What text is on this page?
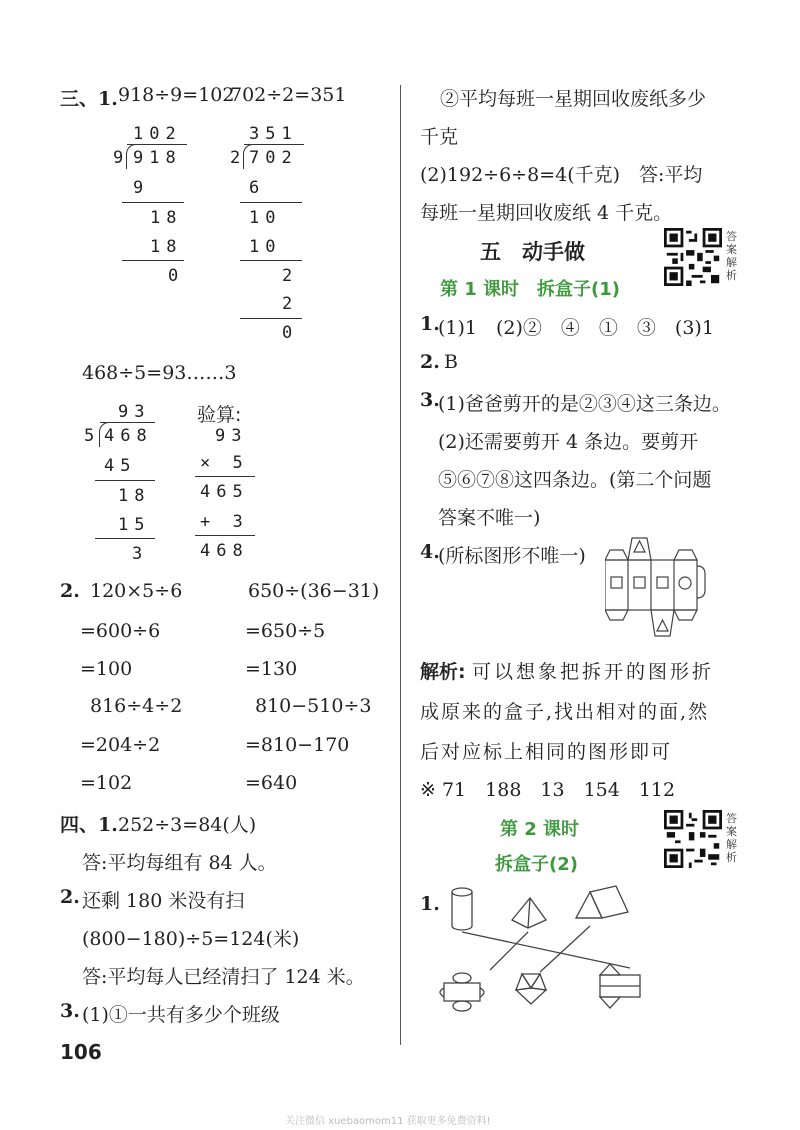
三、1. 918÷9=102
702÷2=351
102
9 918
9
18
18
0
351
2 702
6
10
10
2
2
0
468÷5=93……3
93
5 468
45
18
15
3
验算:
93
× 5
465
+ 3
468
2. 120×5÷6
=600÷6
=100
650÷(36−31)
=650÷5
=130
816÷4÷2
=204÷2
=102
810−510÷3
=810−170
=640
四、1. 252÷3=84(人)
答:平均每组有 84 人。
2. 还剩 180 米没有扫
(800−180)÷5=124(米)
答:平均每人已经清扫了 124 米。
3. (1)①一共有多少个班级
106
②平均每班一星期回收废纸多少
千克
(2)192÷6÷8=4(千克)　答:平均
每班一星期回收废纸 4 千克。
五　动手做
答案解析
第 1 课时　拆盒子(1)
1.
(1)1　(2)②　④　①　③　(3)1
2. B
3.
(1)爸爸剪开的是②③④这三条边。
(2)还需要剪开 4 条边。要剪开
⑤⑥⑦⑧这四条边。(第二个问题
答案不唯一)
4.
(所标图形不唯一)
解析: 可以想象把拆开的图形折
成原来的盒子,找出相对的面,然
后对应标上相同的图形即可
※ 71　188　13　154　112
第 2 课时
拆盒子(2)
答案解析
1.
关注微信 xuebaomom11 获取更多免费资料!
